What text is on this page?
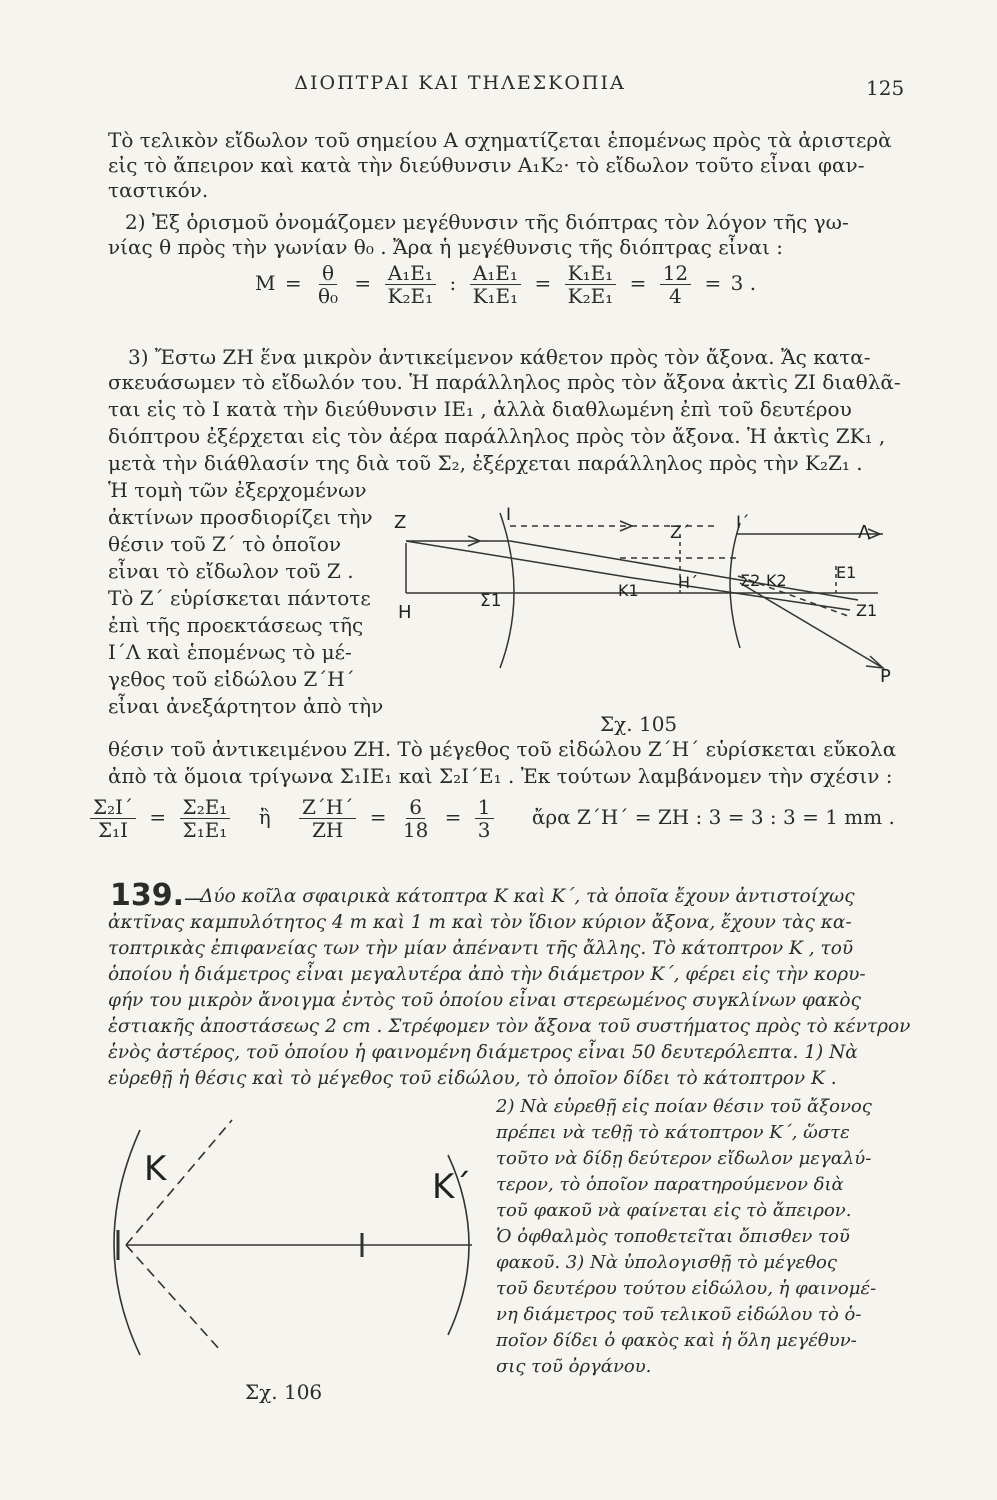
ΔΙΟΠΤΡΑΙ ΚΑΙ ΤΗΛΕΣΚΟΠΙΑ	125
Τὸ τελικὸν εἴδωλον τοῦ σημείου Α σχηματίζεται ἑπομένως πρὸς τὰ ἀριστερὰ
εἰς τὸ ἄπειρον καὶ κατὰ τὴν διεύθυνσιν Α₁Κ₂· τὸ εἴδωλον τοῦτο εἶναι φαν-
ταστικόν.
2) Ἐξ ὁρισμοῦ ὀνομάζομεν μεγέθυνσιν τῆς διόπτρας τὸν λόγον τῆς γω-
νίας θ πρὸς τὴν γωνίαν θ₀ . Ἄρα ἡ μεγέθυνσις τῆς διόπτρας εἶναι :
$M = \frac{\theta}{\text{θ₀}} = \frac{\text{Α₁Ε₁}}{\text{Κ₂Ε₁}}$ : $\frac{\text{Α₁Ε₁}}{\text{Κ₁Ε₁}} = \frac{\text{Κ₁Ε₁}}{\text{Κ₂Ε₁}} = \frac{12}{4} = 3$ .
3) Ἔστω ΖΗ ἕνα μικρὸν ἀντικείμενον κάθετον πρὸς τὸν ἄξονα. Ἄς κατα-
σκευάσωμεν τὸ εἴδωλόν του. Ἡ παράλληλος πρὸς τὸν ἄξονα ἀκτὶς ΖΙ διαθλᾶ-
ται εἰς τὸ Ι κατὰ τὴν διεύθυνσιν ΙΕ₁ , ἀλλὰ διαθλωμένη ἐπὶ τοῦ δευτέρου
διόπτρου ἐξέρχεται εἰς τὸν ἀέρα παράλληλος πρὸς τὸν ἄξονα. Ἡ ἀκτὶς ΖΚ₁ ,
μετὰ τὴν διάθλασίν της διὰ τοῦ Σ₂, ἐξέρχεται παράλληλος πρὸς τὴν Κ₂Ζ₁ .
Ἡ τομὴ τῶν ἐξερχομένων
ἀκτίνων προσδιορίζει τὴν
θέσιν τοῦ Ζ΄ τὸ ὁποῖον
εἶναι τὸ εἴδωλον τοῦ Ζ .
Τὸ Ζ΄ εὑρίσκεται πάντοτε
ἐπὶ τῆς προεκτάσεως τῆς
Ι΄Λ καὶ ἑπομένως τὸ μέ-
γεθος τοῦ εἰδώλου Ζ΄Η΄
εἶναι ἀνεξάρτητον ἀπὸ τὴν
Z
H
I
Σ1
Z΄	I΄	Λ
K1 H΄	Σ2 K2	E1
Z1
P
Σχ. 105
θέσιν τοῦ ἀντικειμένου ΖΗ. Τὸ μέγεθος τοῦ εἰδώλου Ζ΄Η΄ εὑρίσκεται εὔκολα
ἀπὸ τὰ ὅμοια τρίγωνα Σ₁ΙΕ₁ καὶ Σ₂Ι΄Ε₁ . Ἐκ τούτων λαμβάνομεν τὴν σχέσιν :
$\frac{\text{Σ₂Ι΄}}{\text{Σ₁Ι}} = \frac{\text{Σ₂Ε₁}}{\text{Σ₁Ε₁}}$ ἢ $\frac{Z΄H΄}{ZH} = \frac{6}{18} = \frac{1}{3}$ ἄρα Ζ΄Η΄ = ΖΗ : 3 = 3 : 3 = 1 mm .
139.—
Δύο κοῖλα σφαιρικὰ κάτοπτρα Κ καὶ Κ΄, τὰ ὁποῖα ἔχουν ἀντιστοίχως
ἀκτῖνας καμπυλότητος 4 m καὶ 1 m καὶ τὸν ἴδιον κύριον ἄξονα, ἔχουν τὰς κα-
τοπτρικὰς ἐπιφανείας των τὴν μίαν ἀπέναντι τῆς ἄλλης. Τὸ κάτοπτρον Κ , τοῦ
ὁποίου ἡ διάμετρος εἶναι μεγαλυτέρα ἀπὸ τὴν διάμετρον Κ΄, φέρει εἰς τὴν κορυ-
φήν του μικρὸν ἄνοιγμα ἐντὸς τοῦ ὁποίου εἶναι στερεωμένος συγκλίνων φακὸς
ἑστιακῆς ἀποστάσεως 2 cm . Στρέφομεν τὸν ἄξονα τοῦ συστήματος πρὸς τὸ κέντρον
ἑνὸς ἀστέρος, τοῦ ὁποίου ἡ φαινομένη διάμετρος εἶναι 50 δευτερόλεπτα. 1) Νὰ
εὑρεθῇ ἡ θέσις καὶ τὸ μέγεθος τοῦ εἰδώλου, τὸ ὁποῖον δίδει τὸ κάτοπτρον Κ .
2) Νὰ εὑρεθῇ εἰς ποίαν θέσιν τοῦ ἄξονος
πρέπει νὰ τεθῇ τὸ κάτοπτρον Κ΄, ὥστε
τοῦτο νὰ δίδῃ δεύτερον εἴδωλον μεγαλύ-
τερον, τὸ ὁποῖον παρατηρούμενον διὰ
τοῦ φακοῦ νὰ φαίνεται εἰς τὸ ἄπειρον.
Ὁ ὀφθαλμὸς τοποθετεῖται ὄπισθεν τοῦ
φακοῦ. 3) Νὰ ὑπολογισθῇ τὸ μέγεθος
τοῦ δευτέρου τούτου εἰδώλου, ἡ φαινομέ-
νη διάμετρος τοῦ τελικοῦ εἰδώλου τὸ ὁ-
ποῖον δίδει ὁ φακὸς καὶ ἡ ὅλη μεγέθυν-
σις τοῦ ὀργάνου.
K	K΄
Σχ. 106
